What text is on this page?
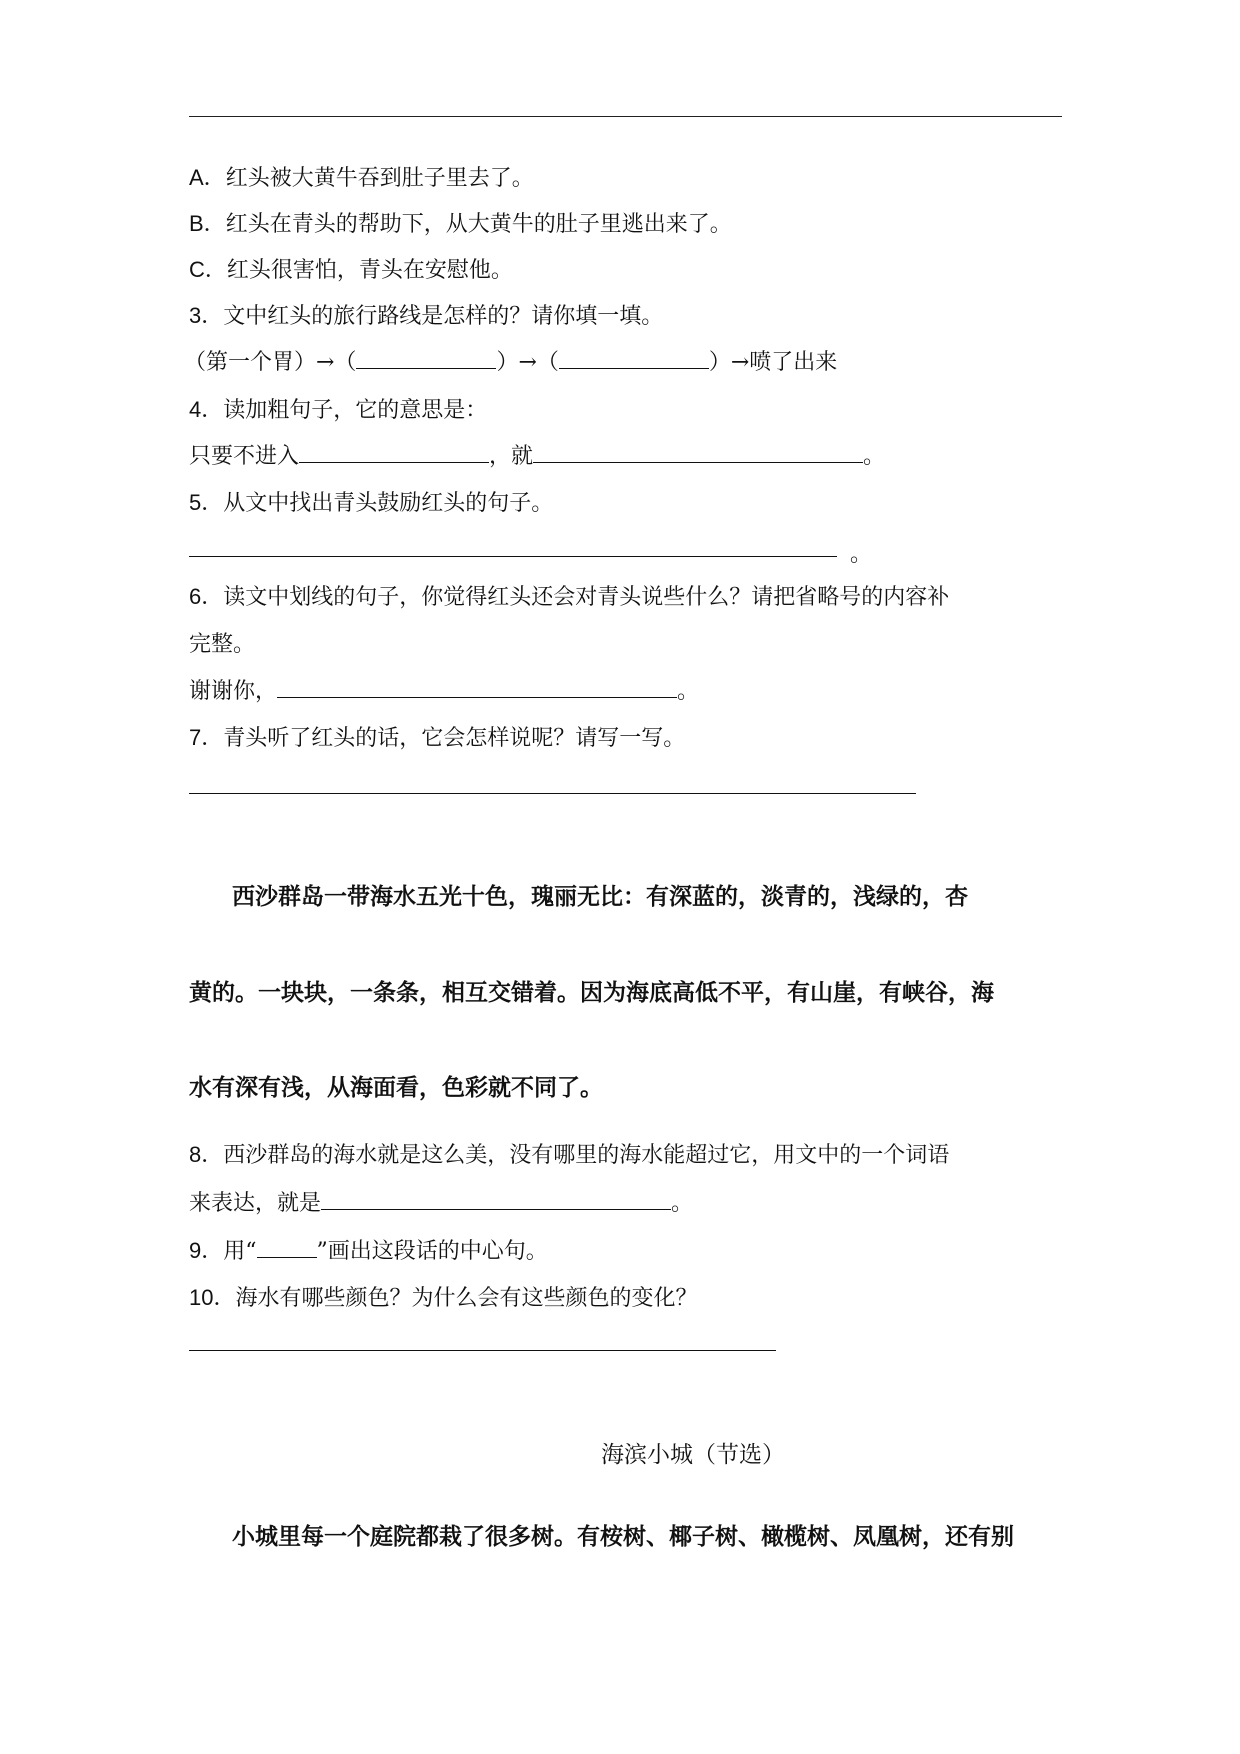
A．红头被大黄牛吞到肚子里去了。
B．红头在青头的帮助下，从大黄牛的肚子里逃出来了。
C．红头很害怕，青头在安慰他。
3．文中红头的旅行路线是怎样的？请你填一填。
（第一个胃）→（	）→（	）→喷了出来
4．读加粗句子，它的意思是：
只要不进入	，就	。
5．从文中找出青头鼓励红头的句子。
。
6．读文中划线的句子，你觉得红头还会对青头说些什么？请把省略号的内容补
完整。
谢谢你，	。
7．青头听了红头的话，它会怎样说呢？请写一写。
西沙群岛一带海水五光十色，瑰丽无比：有深蓝的，淡青的，浅绿的，杏
黄的。一块块，一条条，相互交错着。因为海底高低不平，有山崖，有峡谷，海
水有深有浅，从海面看，色彩就不同了。
8．西沙群岛的海水就是这么美，没有哪里的海水能超过它，用文中的一个词语
来表达，就是	。
9．用“	”画出这段话的中心句。
10．海水有哪些颜色？为什么会有这些颜色的变化？
海滨小城（节选）
小城里每一个庭院都栽了很多树。有桉树、椰子树、橄榄树、凤凰树，还有别
